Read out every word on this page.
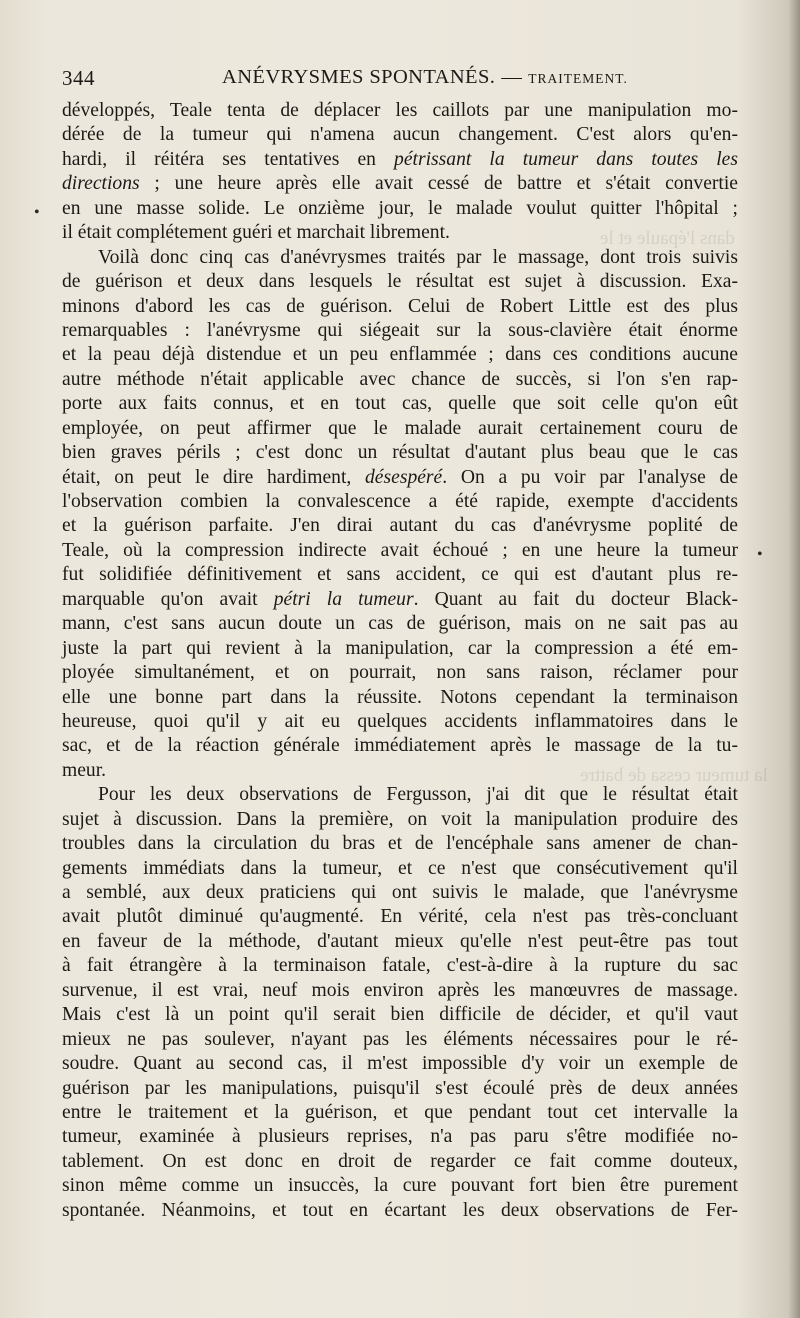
dans l'épaule et le
la tumeur cessa de battre
344	ANÉVRYSMES SPONTANÉS. — TRAITEMENT.
•
•
développés, Teale tenta de déplacer les caillots par une manipulation mo-
dérée de la tumeur qui n'amena aucun changement. C'est alors qu'en-
hardi, il réitéra ses tentatives en pétrissant la tumeur dans toutes les
directions ; une heure après elle avait cessé de battre et s'était convertie
en une masse solide. Le onzième jour, le malade voulut quitter l'hôpital ;
il était complétement guéri et marchait librement.
Voilà donc cinq cas d'anévrysmes traités par le massage, dont trois suivis
de guérison et deux dans lesquels le résultat est sujet à discussion. Exa-
minons d'abord les cas de guérison. Celui de Robert Little est des plus
remarquables : l'anévrysme qui siégeait sur la sous-clavière était énorme
et la peau déjà distendue et un peu enflammée ; dans ces conditions aucune
autre méthode n'était applicable avec chance de succès, si l'on s'en rap-
porte aux faits connus, et en tout cas, quelle que soit celle qu'on eût
employée, on peut affirmer que le malade aurait certainement couru de
bien graves périls ; c'est donc un résultat d'autant plus beau que le cas
était, on peut le dire hardiment, désespéré. On a pu voir par l'analyse de
l'observation combien la convalescence a été rapide, exempte d'accidents
et la guérison parfaite. J'en dirai autant du cas d'anévrysme poplité de
Teale, où la compression indirecte avait échoué ; en une heure la tumeur
fut solidifiée définitivement et sans accident, ce qui est d'autant plus re-
marquable qu'on avait pétri la tumeur. Quant au fait du docteur Black-
mann, c'est sans aucun doute un cas de guérison, mais on ne sait pas au
juste la part qui revient à la manipulation, car la compression a été em-
ployée simultanément, et on pourrait, non sans raison, réclamer pour
elle une bonne part dans la réussite. Notons cependant la terminaison
heureuse, quoi qu'il y ait eu quelques accidents inflammatoires dans le
sac, et de la réaction générale immédiatement après le massage de la tu-
meur.
Pour les deux observations de Fergusson, j'ai dit que le résultat était
sujet à discussion. Dans la première, on voit la manipulation produire des
troubles dans la circulation du bras et de l'encéphale sans amener de chan-
gements immédiats dans la tumeur, et ce n'est que consécutivement qu'il
a semblé, aux deux praticiens qui ont suivis le malade, que l'anévrysme
avait plutôt diminué qu'augmenté. En vérité, cela n'est pas très-concluant
en faveur de la méthode, d'autant mieux qu'elle n'est peut-être pas tout
à fait étrangère à la terminaison fatale, c'est-à-dire à la rupture du sac
survenue, il est vrai, neuf mois environ après les manœuvres de massage.
Mais c'est là un point qu'il serait bien difficile de décider, et qu'il vaut
mieux ne pas soulever, n'ayant pas les éléments nécessaires pour le ré-
soudre. Quant au second cas, il m'est impossible d'y voir un exemple de
guérison par les manipulations, puisqu'il s'est écoulé près de deux années
entre le traitement et la guérison, et que pendant tout cet intervalle la
tumeur, examinée à plusieurs reprises, n'a pas paru s'être modifiée no-
tablement. On est donc en droit de regarder ce fait comme douteux,
sinon même comme un insuccès, la cure pouvant fort bien être purement
spontanée. Néanmoins, et tout en écartant les deux observations de Fer-
